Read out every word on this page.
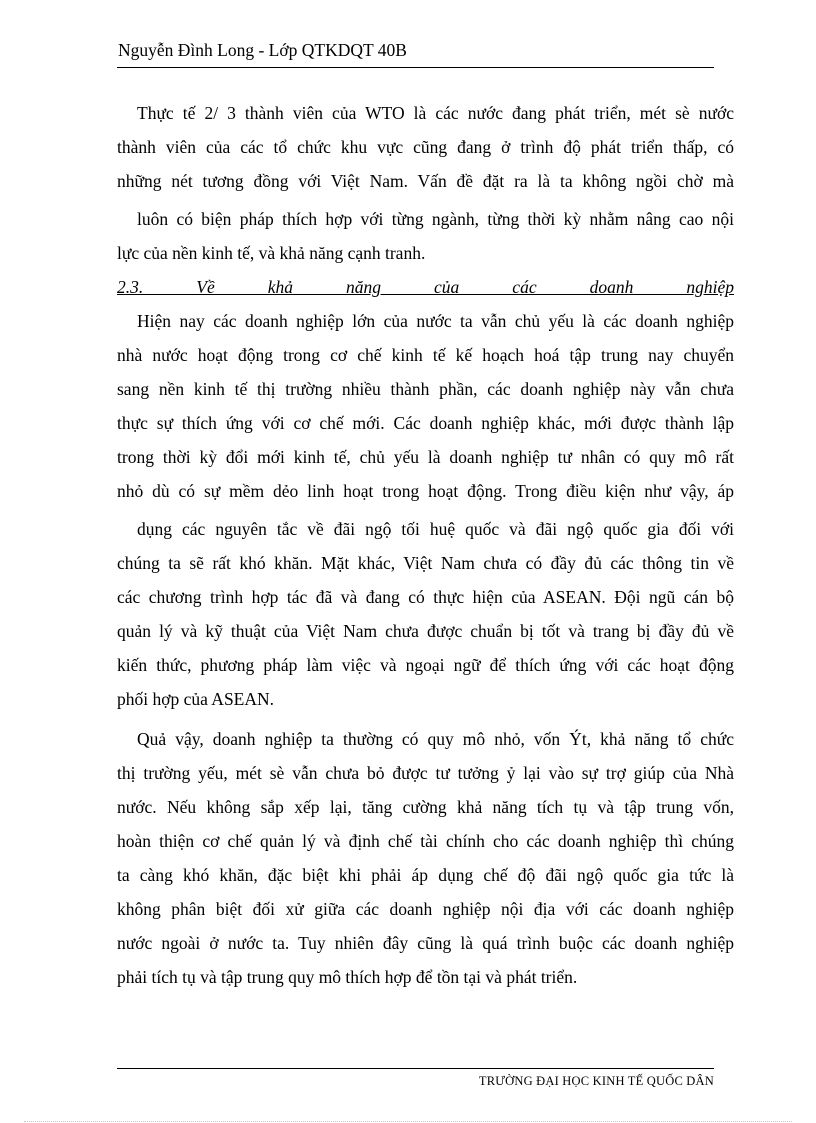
Nguyễn Đình Long - Lớp QTKDQT 40B
Thực tế 2/ 3 thành viên của WTO là các nước đang phát triển, mét sè nước
thành viên của các tổ chức khu vực cũng đang ở trình độ phát triển thấp, có
những nét tương đồng với Việt Nam. Vấn đề đặt ra là ta không ngồi chờ mà
luôn có biện pháp thích hợp với từng ngành, từng thời kỳ nhằm nâng cao nội
lực của nền kinh tế, và khả năng cạnh tranh.
2.3. Về khả năng của các doanh nghiệp
Hiện nay các doanh nghiệp lớn của nước ta vẫn chủ yếu là các doanh nghiệp
nhà nước hoạt động trong cơ chế kinh tế kế hoạch hoá tập trung nay chuyển
sang nền kinh tế thị trường nhiều thành phần, các doanh nghiệp này vẫn chưa
thực sự thích ứng với cơ chế mới. Các doanh nghiệp khác, mới được thành lập
trong thời kỳ đổi mới kinh tế, chủ yếu là doanh nghiệp tư nhân có quy mô rất
nhỏ dù có sự mềm dẻo linh hoạt trong hoạt động. Trong điều kiện như vậy, áp
dụng các nguyên tắc về đãi ngộ tối huệ quốc và đãi ngộ quốc gia đối với
chúng ta sẽ rất khó khăn. Mặt khác, Việt Nam chưa có đầy đủ các thông tin về
các chương trình hợp tác đã và đang có thực hiện của ASEAN. Đội ngũ cán bộ
quản lý và kỹ thuật của Việt Nam chưa được chuẩn bị tốt và trang bị đầy đủ về
kiến thức, phương pháp làm việc và ngoại ngữ để thích ứng với các hoạt động
phối hợp của ASEAN.
Quả vậy, doanh nghiệp ta thường có quy mô nhỏ, vốn Ýt, khả năng tổ chức
thị trường yếu, mét sè vẫn chưa bỏ được tư tưởng ỷ lại vào sự trợ giúp của Nhà
nước. Nếu không sắp xếp lại, tăng cường khả năng tích tụ và tập trung vốn,
hoàn thiện cơ chế quản lý và định chế tài chính cho các doanh nghiệp thì chúng
ta càng khó khăn, đặc biệt khi phải áp dụng chế độ đãi ngộ quốc gia tức là
không phân biệt đối xử giữa các doanh nghiệp nội địa với các doanh nghiệp
nước ngoài ở nước ta. Tuy nhiên đây cũng là quá trình buộc các doanh nghiệp
phải tích tụ và tập trung quy mô thích hợp để tồn tại và phát triển.
TRƯỜNG ĐẠI HỌC KINH TẾ QUỐC DÂN
